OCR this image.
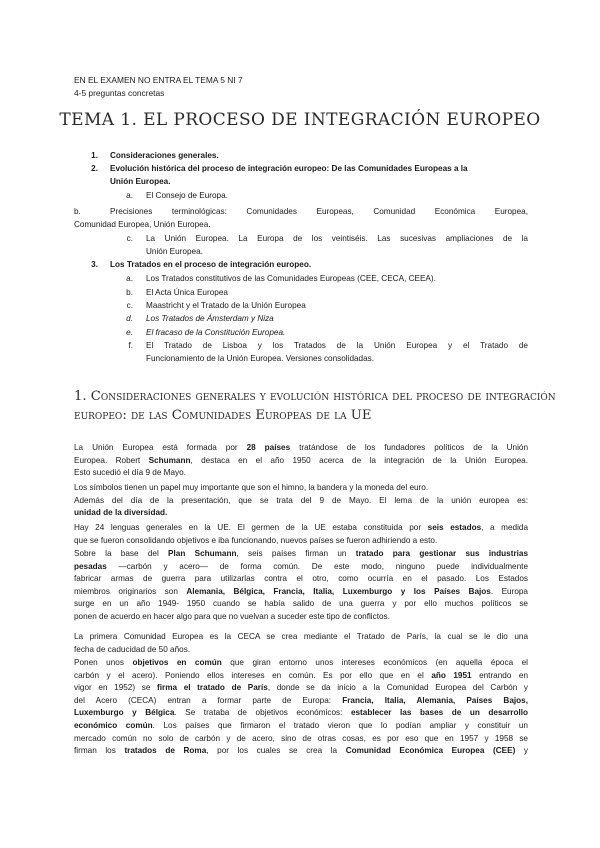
EN EL EXAMEN NO ENTRA EL TEMA 5 NI 7
4-5 preguntas concretas
TEMA 1. EL PROCESO DE INTEGRACIÓN EUROPEO
1. Consideraciones generales.
2. Evolución histórica del proceso de integración europeo: De las Comunidades Europeas a la
Unión Europea.
a. El Consejo de Europa.
b.	Precisiones terminológicas: Comunidades Europeas, Comunidad Económica Europea,
Comunidad Europea, Unión Europea.
c. La Unión Europea. La Europa de los veintiséis. Las sucesivas ampliaciones de la
Unión Europea.
3. Los Tratados en el proceso de integración europeo.
a. Los Tratados constitutivos de las Comunidades Europeas (CEE, CECA, CEEA).
b. El Acta Única Europea
c. Maastricht y el Tratado de la Unión Europea
d. Los Tratados de Ámsterdam y Niza
e. El fracaso de la Constitución Europea.
f. El Tratado de Lisboa y los Tratados de la Unión Europea y el Tratado de
Funcionamiento de la Unión Europea. Versiones consolidadas.
1. Consideraciones generales y evolución histórica del proceso de integración
europeo: de las Comunidades Europeas de la UE
La Unión Europea está formada por 28 países tratándose de los fundadores políticos de la Unión
Europea. Robert Schumann, destaca en el año 1950 acerca de la integración de la Unión Europea.
Esto sucedió el día 9 de Mayo.
Los símbolos tienen un papel muy importante que son el himno, la bandera y la moneda del euro.
Además del día de la presentación, que se trata del 9 de Mayo. El lema de la unión europea es:
unidad de la diversidad.
Hay 24 lenguas generales en la UE. El germen de la UE estaba constituida por seis estados, a medida
que se fueron consolidando objetivos e iba funcionando, nuevos países se fueron adhiriendo a esto.
Sobre la base del Plan Schumann, seis países firman un tratado para gestionar sus industrias
pesadas —carbón y acero— de forma común. De este modo, ninguno puede individualmente
fabricar armas de guerra para utilizarlas contra el otro, como ocurría en el pasado. Los Estados
miembros originarios son Alemania, Bélgica, Francia, Italia, Luxemburgo y los Países Bajos. Europa
surge en un año 1949- 1950 cuando se había salido de una guerra y por ello muchos políticos se
ponen de acuerdo en hacer algo para que no vuelvan a suceder este tipo de conflictos.
La primera Comunidad Europea es la CECA se crea mediante el Tratado de París, la cual se le dio una
fecha de caducidad de 50 años.
Ponen unos objetivos en común que giran entorno unos intereses económicos (en aquella época el
carbón y el acero). Poniendo ellos intereses en común. Es por ello que en el año 1951 entrando en
vigor en 1952) se firma el tratado de París, donde se da inicio a la Comunidad Europea del Carbón y
del Acero (CECA) entran a formar parte de Europa: Francia, Italia, Alemania, Países Bajos,
Luxemburgo y Bélgica. Se trataba de objetivos económicos: establecer las bases de un desarrollo
económico común. Los países que firmaron el tratado vieron que lo podían ampliar y constituir un
mercado común no solo de carbón y de acero, sino de otras cosas, es por eso que en 1957 y 1958 se
firman los tratados de Roma, por los cuales se crea la Comunidad Económica Europea (CEE) y
